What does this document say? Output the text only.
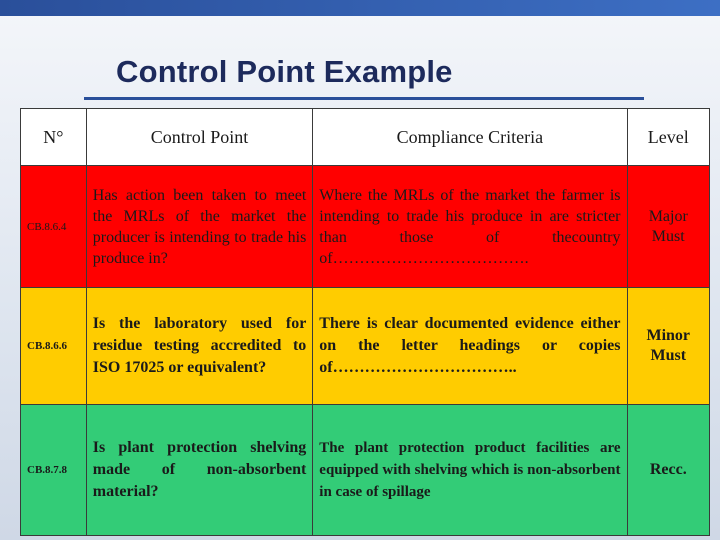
Control Point Example
N°	Control Point	Compliance Criteria	Level
CB.8.6.4	Has action been taken to meet the MRLs of the market the producer is intending to trade his produce in?	Where the MRLs of the market the farmer is intending to trade his produce in are stricter than those of thecountry of……………………………….	Major Must
CB.8.6.6	Is the laboratory used for residue testing accredited to ISO 17025 or equivalent?	There is clear documented evidence either on the letter headings or copies of……………………………..	Minor Must
CB.8.7.8	Is plant protection shelving made of non-absorbent material?	The plant protection product facilities are equipped with shelving which is non-absorbent in case of spillage	Recc.
